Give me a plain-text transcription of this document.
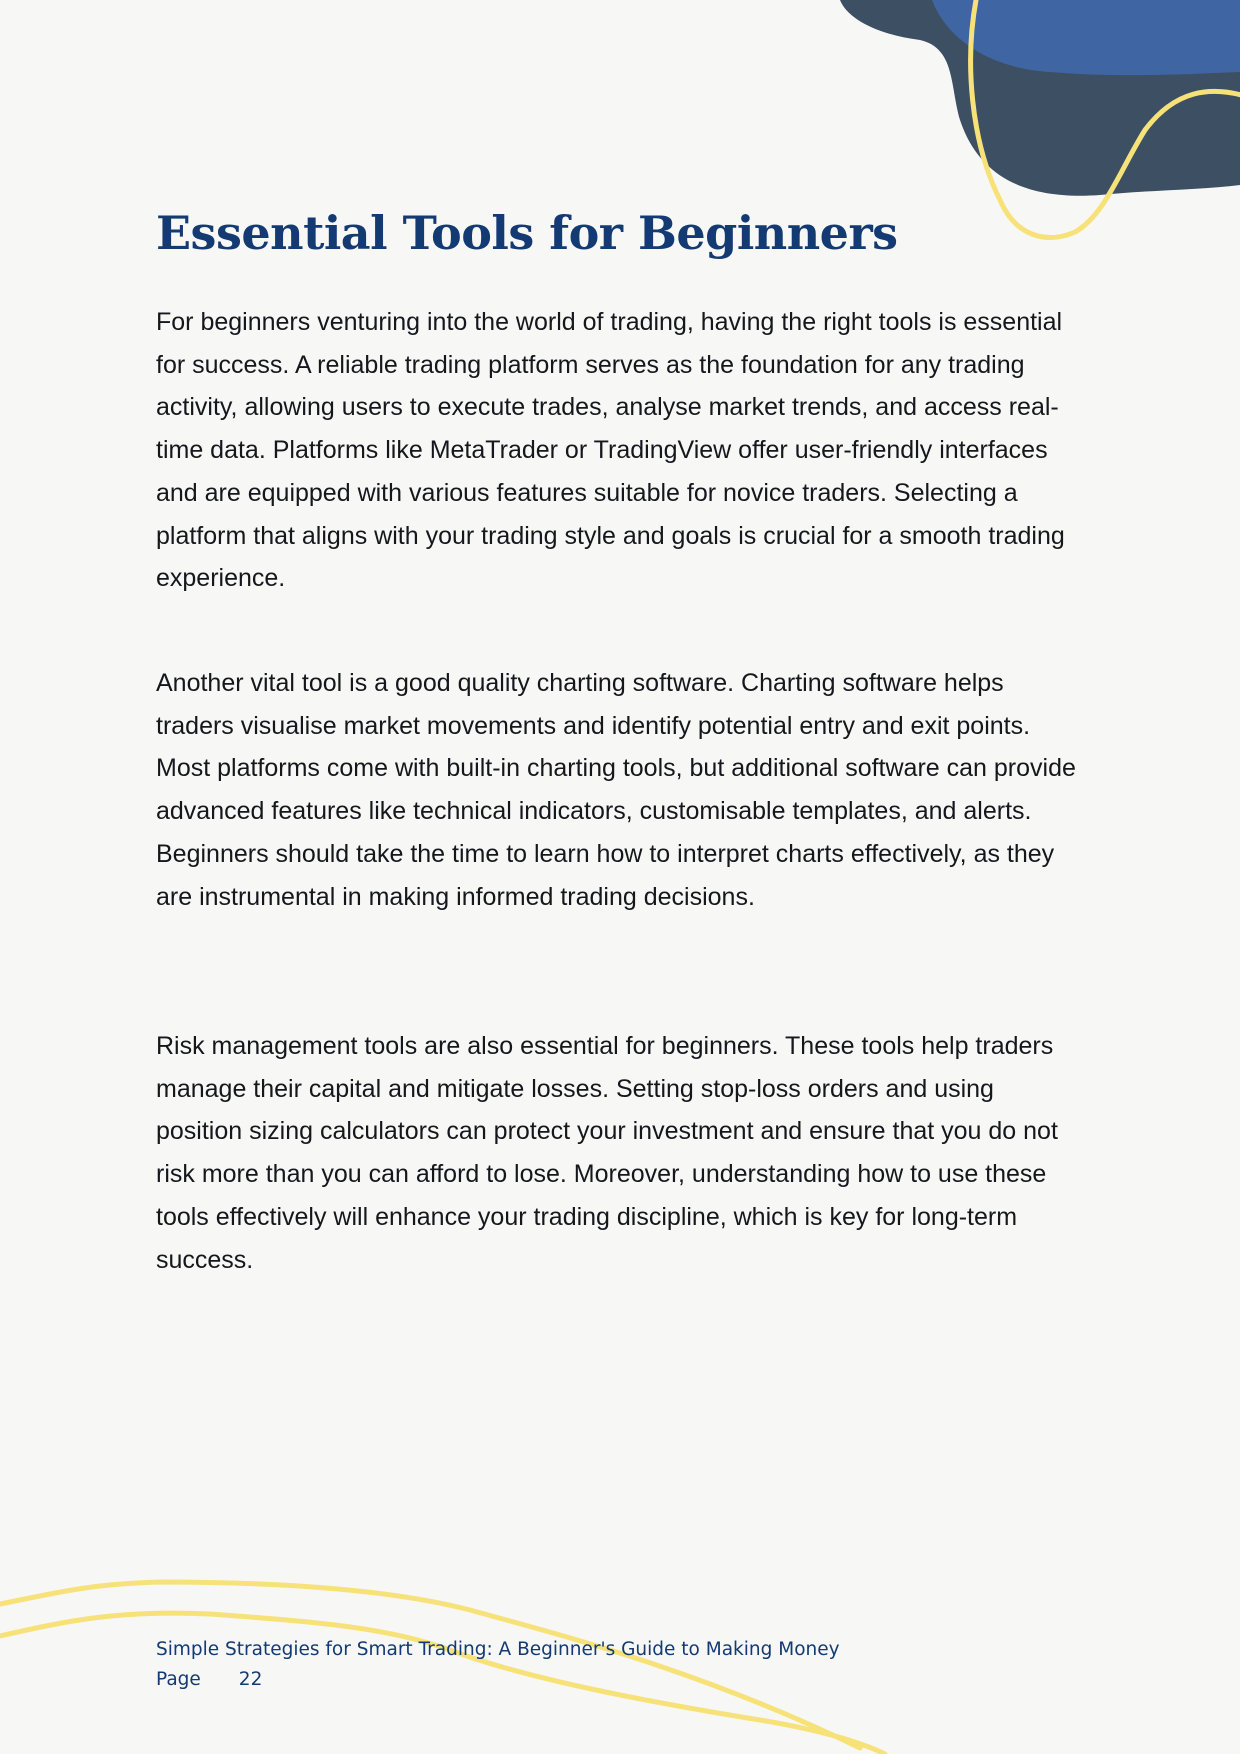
Essential Tools for Beginners

For beginners venturing into the world of trading, having the right tools is essential for success. A reliable trading platform serves as the foundation for any trading activity, allowing users to execute trades, analyse market trends, and access real-time data. Platforms like MetaTrader or TradingView offer user-friendly interfaces and are equipped with various features suitable for novice traders. Selecting a platform that aligns with your trading style and goals is crucial for a smooth trading experience.

Another vital tool is a good quality charting software. Charting software helps traders visualise market movements and identify potential entry and exit points. Most platforms come with built-in charting tools, but additional software can provide advanced features like technical indicators, customisable templates, and alerts. Beginners should take the time to learn how to interpret charts effectively, as they are instrumental in making informed trading decisions.

Risk management tools are also essential for beginners. These tools help traders manage their capital and mitigate losses. Setting stop-loss orders and using position sizing calculators can protect your investment and ensure that you do not risk more than you can afford to lose. Moreover, understanding how to use these tools effectively will enhance your trading discipline, which is key for long-term success.

Simple Strategies for Smart Trading: A Beginner's Guide to Making Money
Page 22
